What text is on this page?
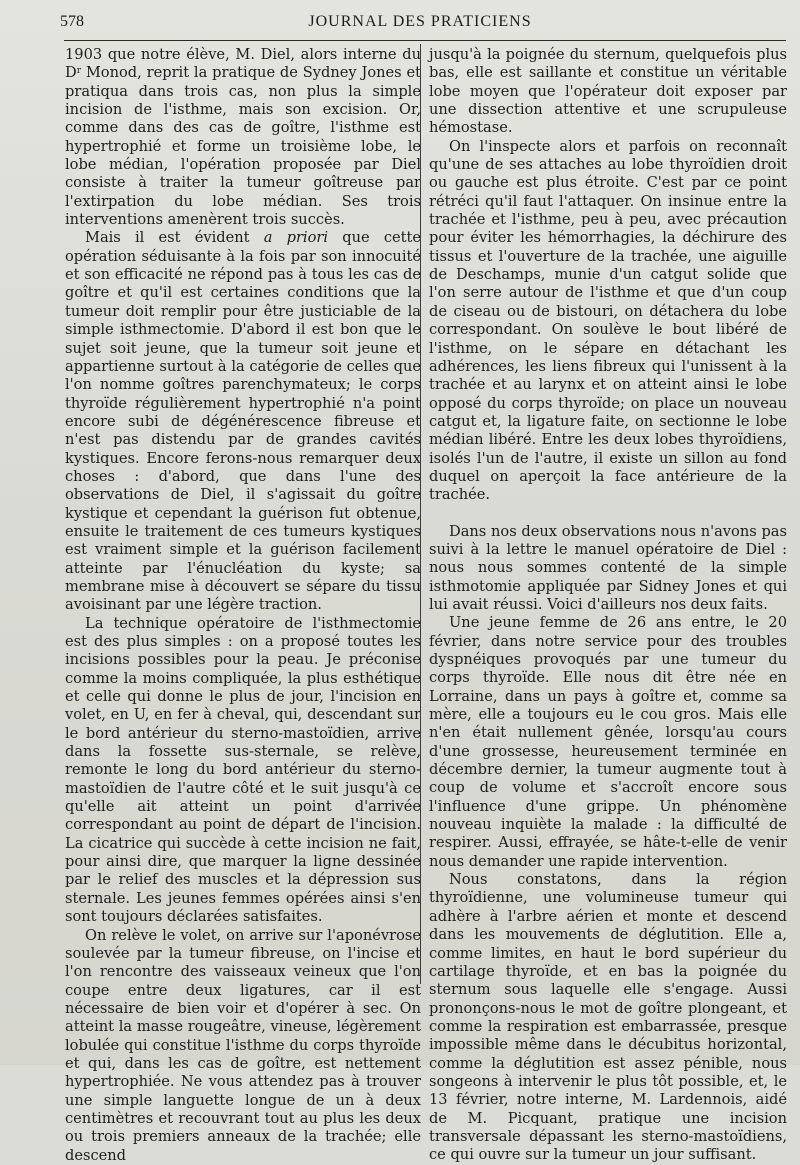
578	JOURNAL DES PRATICIENS

1903 que notre élève, M. Diel, alors interne du $D^r$ Monod, reprit la pratique de Sydney Jones et pratiqua dans trois cas, non plus la simple incision de l'isthme, mais son excision. Or, comme dans des cas de goître, l'isthme est hypertrophié et forme un troisième lobe, le lobe médian, l'opération proposée par Diel consiste à traiter la tumeur goîtreuse par l'extirpation du lobe médian. Ses trois interventions amenèrent trois succès.

Mais il est évident a priori que cette opération séduisante à la fois par son innocuité et son efficacité ne répond pas à tous les cas de goître et qu'il est certaines conditions que la tumeur doit remplir pour être justiciable de la simple isthmectomie. D'abord il est bon que le sujet soit jeune, que la tumeur soit jeune et appartienne surtout à la catégorie de celles que l'on nomme goîtres parenchymateux; le corps thyroïde régulièrement hypertrophié n'a point encore subi de dégénérescence fibreuse et n'est pas distendu par de grandes cavités kystiques. Encore ferons-nous remarquer deux choses : d'abord, que dans l'une des observations de Diel, il s'agissait du goître kystique et cependant la guérison fut obtenue, ensuite le traitement de ces tumeurs kystiques est vraiment simple et la guérison facilement atteinte par l'énucléation du kyste; sa membrane mise à découvert se sépare du tissu avoisinant par une légère traction.

La technique opératoire de l'isthmectomie est des plus simples : on a proposé toutes les incisions possibles pour la peau. Je préconise comme la moins compliquée, la plus esthétique et celle qui donne le plus de jour, l'incision en volet, en U, en fer à cheval, qui, descendant sur le bord antérieur du sterno-mastoïdien, arrive dans la fossette sus-sternale, se relève, remonte le long du bord antérieur du sterno-mastoïdien de l'autre côté et le suit jusqu'à ce qu'elle ait atteint un point d'arrivée correspondant au point de départ de l'incision. La cicatrice qui succède à cette incision ne fait, pour ainsi dire, que marquer la ligne dessinée par le relief des muscles et la dépression sus sternale. Les jeunes femmes opérées ainsi s'en sont toujours déclarées satisfaites.

On relève le volet, on arrive sur l'aponévrose soulevée par la tumeur fibreuse, on l'incise et l'on rencontre des vaisseaux veineux que l'on coupe entre deux ligatures, car il est nécessaire de bien voir et d'opérer à sec. On atteint la masse rougeâtre, vineuse, légèrement lobulée qui constitue l'isthme du corps thyroïde et qui, dans les cas de goître, est nettement hypertrophiée. Ne vous attendez pas à trouver une simple languette longue de un à deux centimètres et recouvrant tout au plus les deux ou trois premiers anneaux de la trachée; elle descend

jusqu'à la poignée du sternum, quelquefois plus bas, elle est saillante et constitue un véritable lobe moyen que l'opérateur doit exposer par une dissection attentive et une scrupuleuse hémostase.

On l'inspecte alors et parfois on reconnaît qu'une de ses attaches au lobe thyroïdien droit ou gauche est plus étroite. C'est par ce point rétréci qu'il faut l'attaquer. On insinue entre la trachée et l'isthme, peu à peu, avec précaution pour éviter les hémorrhagies, la déchirure des tissus et l'ouverture de la trachée, une aiguille de Deschamps, munie d'un catgut solide que l'on serre autour de l'isthme et que d'un coup de ciseau ou de bistouri, on détachera du lobe correspondant. On soulève le bout libéré de l'isthme, on le sépare en détachant les adhérences, les liens fibreux qui l'unissent à la trachée et au larynx et on atteint ainsi le lobe opposé du corps thyroïde; on place un nouveau catgut et, la ligature faite, on sectionne le lobe médian libéré. Entre les deux lobes thyroïdiens, isolés l'un de l'autre, il existe un sillon au fond duquel on aperçoit la face antérieure de la trachée.

Dans nos deux observations nous n'avons pas suivi à la lettre le manuel opératoire de Diel : nous nous sommes contenté de la simple isthmotomie appliquée par Sidney Jones et qui lui avait réussi. Voici d'ailleurs nos deux faits.

Une jeune femme de 26 ans entre, le 20 février, dans notre service pour des troubles dyspnéiques provoqués par une tumeur du corps thyroïde. Elle nous dit être née en Lorraine, dans un pays à goître et, comme sa mère, elle a toujours eu le cou gros. Mais elle n'en était nullement gênée, lorsqu'au cours d'une grossesse, heureusement terminée en décembre dernier, la tumeur augmente tout à coup de volume et s'accroît encore sous l'influence d'une grippe. Un phénomène nouveau inquiète la malade : la difficulté de respirer. Aussi, effrayée, se hâte-t-elle de venir nous demander une rapide intervention.

Nous constatons, dans la région thyroïdienne, une volumineuse tumeur qui adhère à l'arbre aérien et monte et descend dans les mouvements de déglutition. Elle a, comme limites, en haut le bord supérieur du cartilage thyroïde, et en bas la poignée du sternum sous laquelle elle s'engage. Aussi prononçons-nous le mot de goître plongeant, et comme la respiration est embarrassée, presque impossible même dans le décubitus horizontal, comme la déglutition est assez pénible, nous songeons à intervenir le plus tôt possible, et, le 13 février, notre interne, M. Lardennois, aidé de M. Picquant, pratique une incision transversale dépassant les sterno-mastoïdiens, ce qui ouvre sur la tumeur un jour suffisant.
